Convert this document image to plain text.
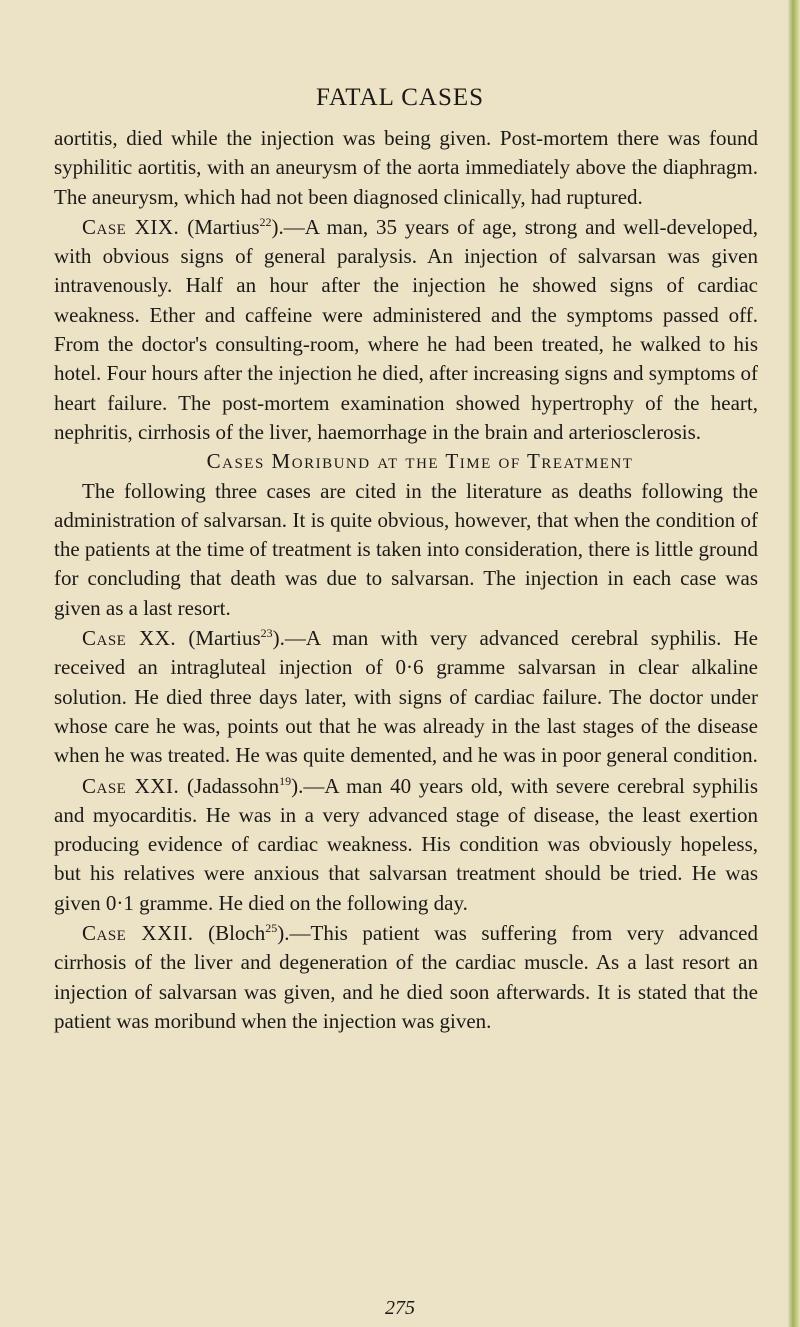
FATAL CASES

aortitis, died while the injection was being given. Post-mortem there was found syphilitic aortitis, with an aneurysm of the aorta immediately above the diaphragm. The aneurysm, which had not been diagnosed clinically, had ruptured.

Case XIX. (Martius$^{22}$).—A man, 35 years of age, strong and well-developed, with obvious signs of general paralysis. An injection of salvarsan was given intravenously. Half an hour after the injection he showed signs of cardiac weakness. Ether and caffeine were administered and the symptoms passed off. From the doctor's consulting-room, where he had been treated, he walked to his hotel. Four hours after the injection he died, after increasing signs and symptoms of heart failure. The post-mortem examination showed hypertrophy of the heart, nephritis, cirrhosis of the liver, haemorrhage in the brain and arteriosclerosis.

Cases Moribund at the Time of Treatment

The following three cases are cited in the literature as deaths following the administration of salvarsan. It is quite obvious, however, that when the condition of the patients at the time of treatment is taken into consideration, there is little ground for concluding that death was due to salvarsan. The injection in each case was given as a last resort.

Case XX. (Martius$^{23}$).—A man with very advanced cerebral syphilis. He received an intragluteal injection of 0·6 gramme salvarsan in clear alkaline solution. He died three days later, with signs of cardiac failure. The doctor under whose care he was, points out that he was already in the last stages of the disease when he was treated. He was quite demented, and he was in poor general condition.

Case XXI. (Jadassohn$^{19}$).—A man 40 years old, with severe cerebral syphilis and myocarditis. He was in a very advanced stage of disease, the least exertion producing evidence of cardiac weakness. His condition was obviously hopeless, but his relatives were anxious that salvarsan treatment should be tried. He was given 0·1 gramme. He died on the following day.

Case XXII. (Bloch$^{25}$).—This patient was suffering from very advanced cirrhosis of the liver and degeneration of the cardiac muscle. As a last resort an injection of salvarsan was given, and he died soon afterwards. It is stated that the patient was moribund when the injection was given.

275
